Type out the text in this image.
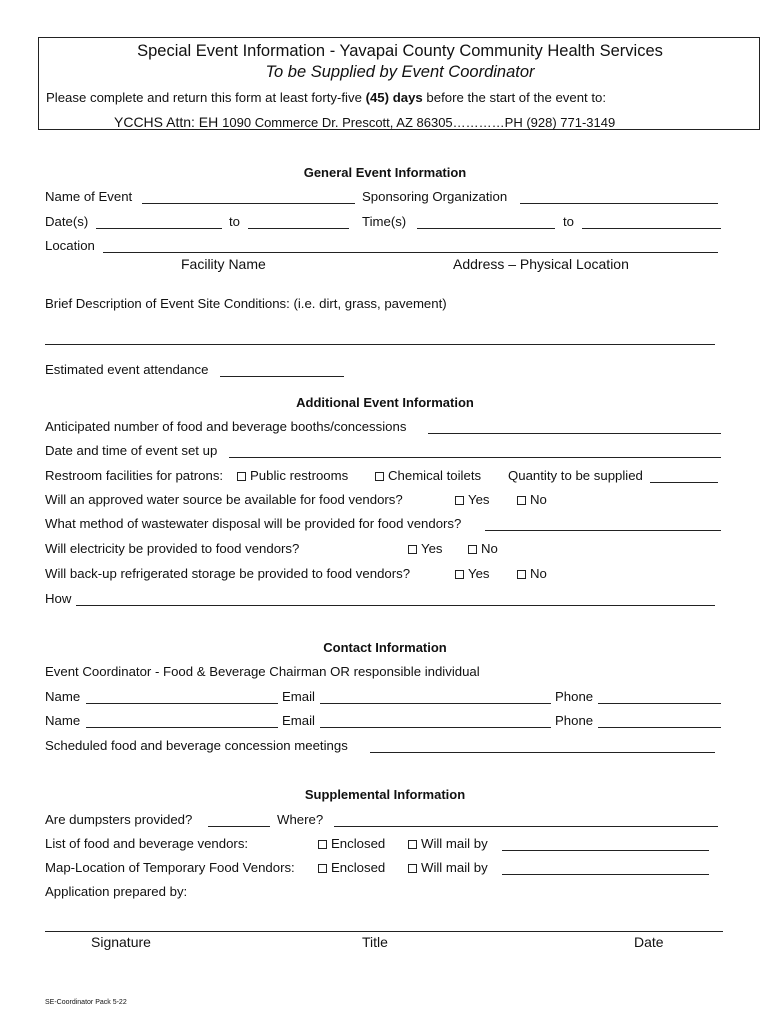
Special Event Information - Yavapai County Community Health Services
To be Supplied by Event Coordinator
Please complete and return this form at least forty-five (45) days before the start of the event to:
YCCHS Attn: EH 1090 Commerce Dr. Prescott, AZ 86305…………PH (928) 771-3149
General Event Information
Name of Event	Sponsoring Organization
Date(s)	to	Time(s)	to
Location
Facility Name	Address – Physical Location
Brief Description of Event Site Conditions: (i.e. dirt, grass, pavement)
Estimated event attendance
Additional Event Information
Anticipated number of food and beverage booths/concessions
Date and time of event set up
Restroom facilities for patrons:	Public restrooms	Chemical toilets Quantity to be supplied
Will an approved water source be available for food vendors?	Yes	No
What method of wastewater disposal will be provided for food vendors?
Will electricity be provided to food vendors?	Yes	No
Will back-up refrigerated storage be provided to food vendors?	Yes	No
How
Contact Information
Event Coordinator - Food & Beverage Chairman OR responsible individual
Name	Email	Phone
Name	Email	Phone
Scheduled food and beverage concession meetings
Supplemental Information
Are dumpsters provided?	Where?
List of food and beverage vendors:	Enclosed	Will mail by
Map-Location of Temporary Food Vendors:	Enclosed	Will mail by
Application prepared by:
Signature	Title	Date
SE-Coordinator Pack 5-22
